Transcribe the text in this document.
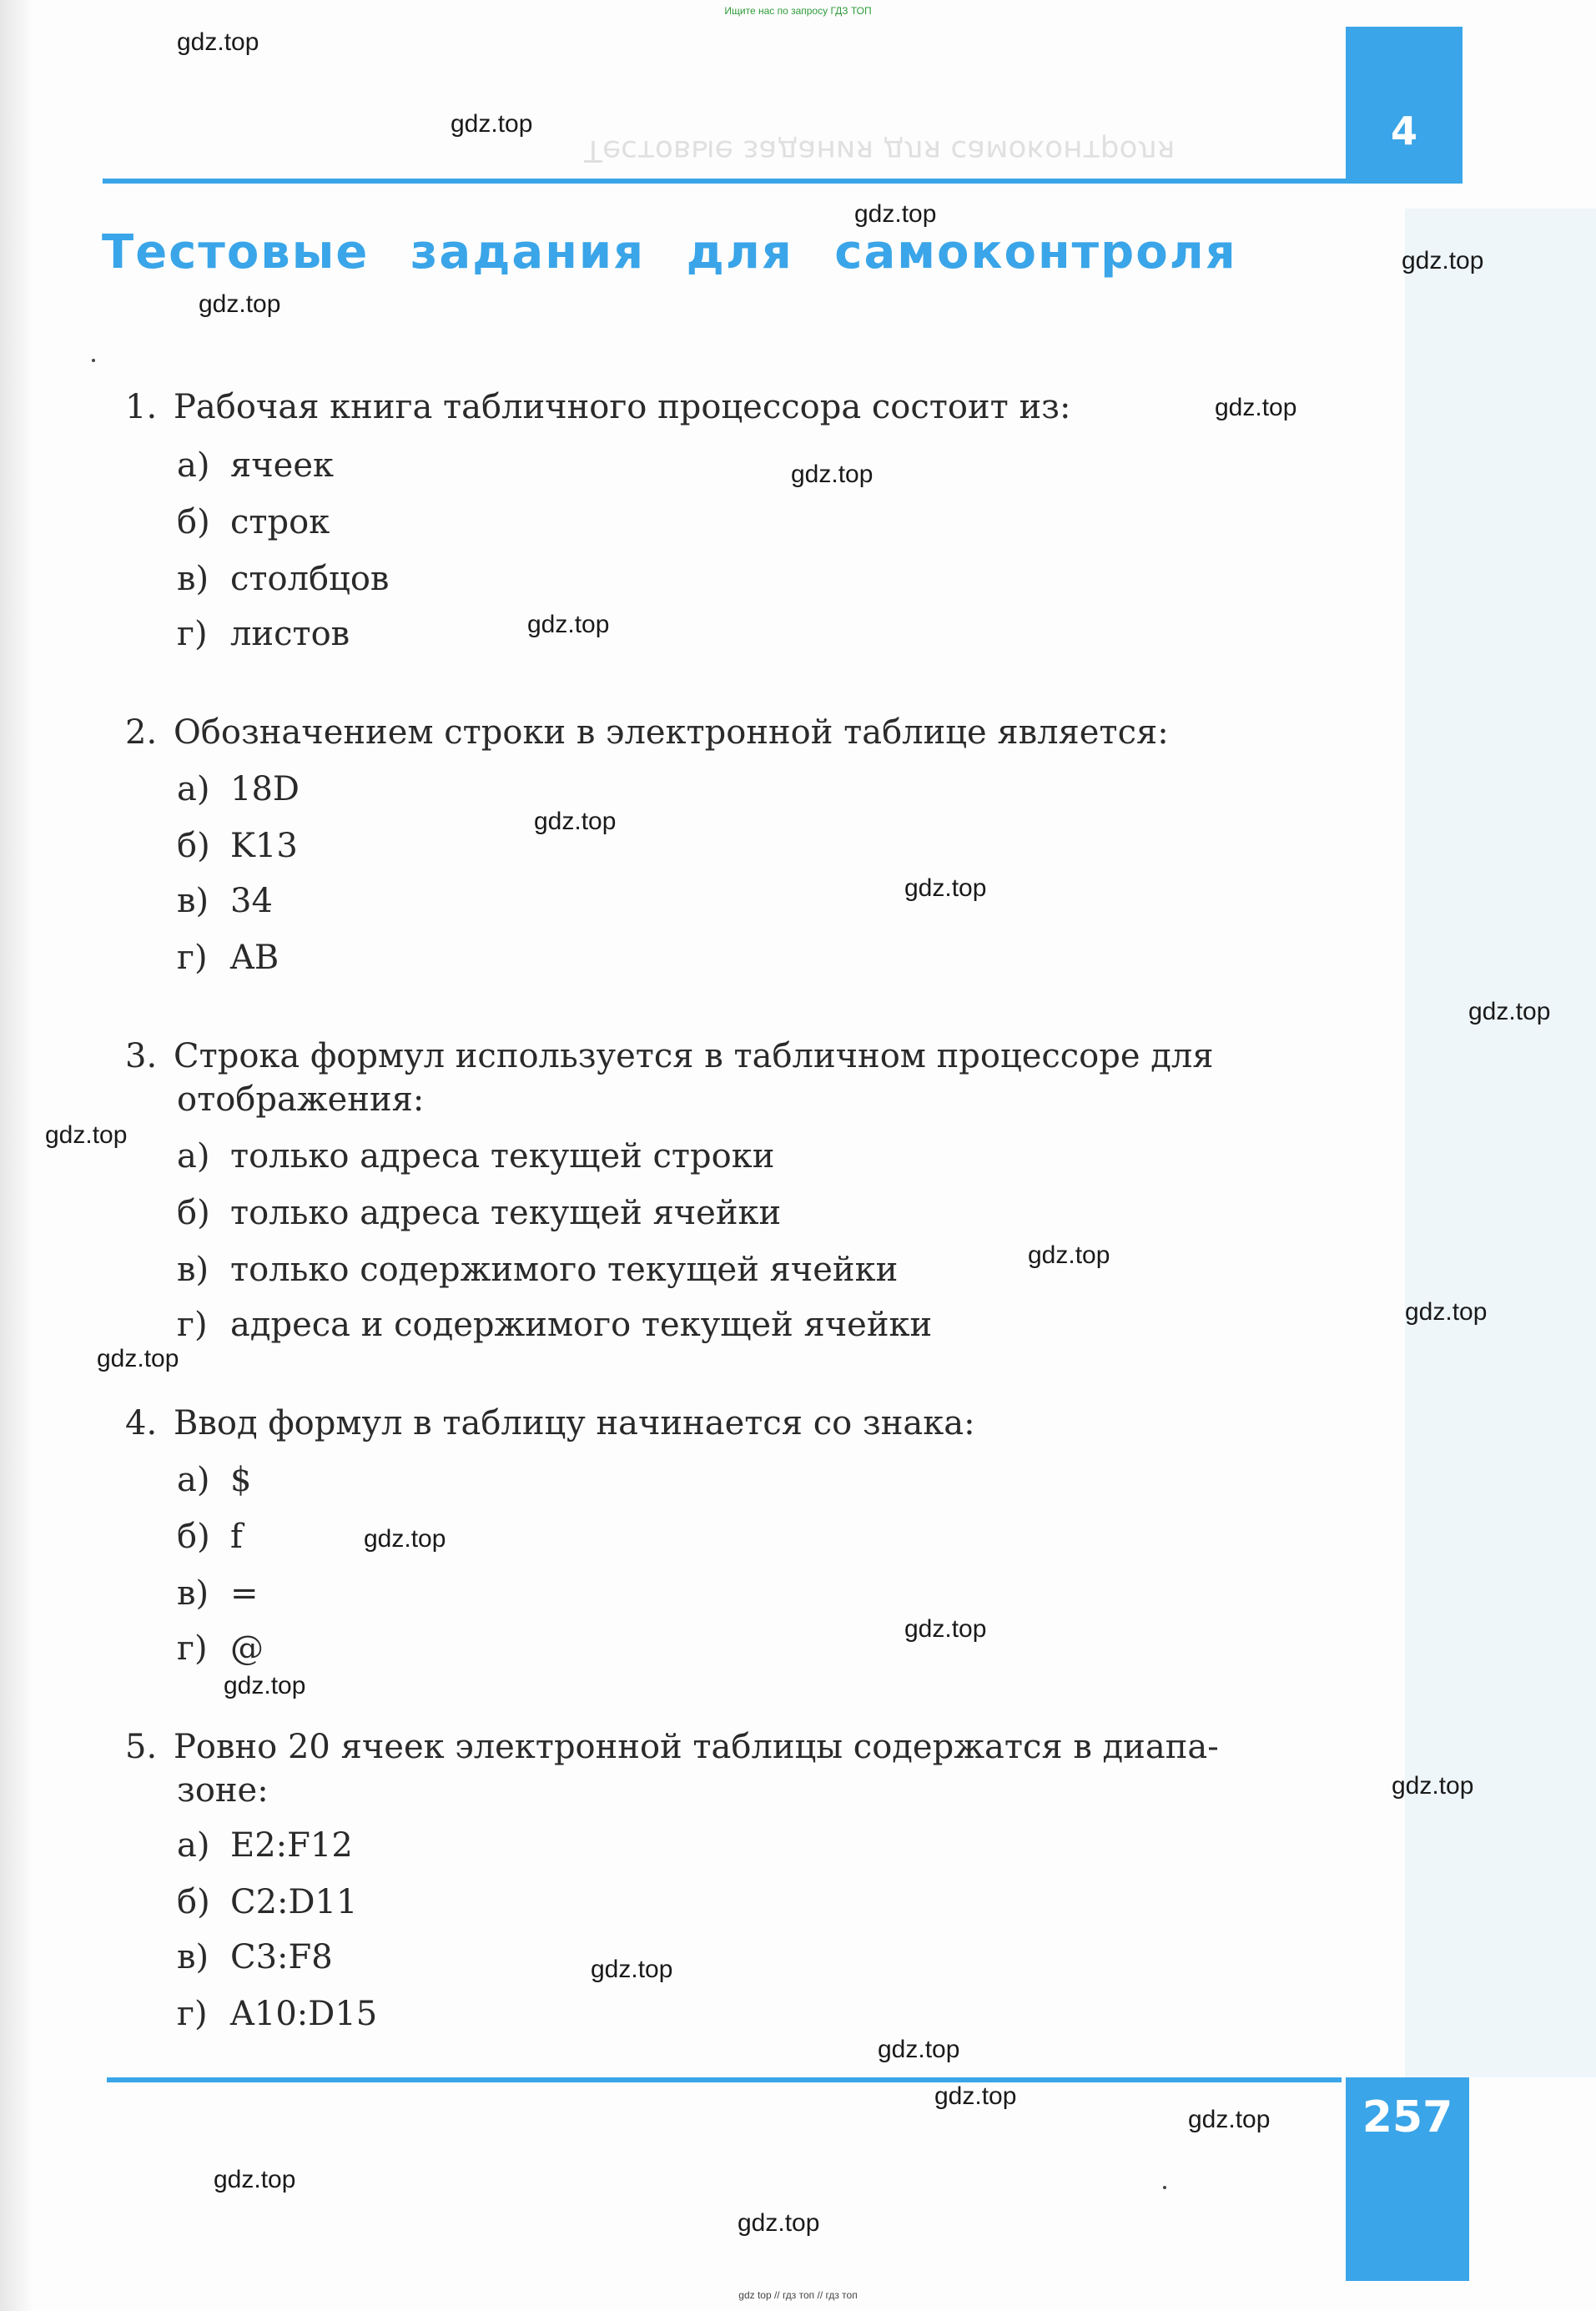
Ищите нас по запросу ГДЗ ТОП
Тестовые задания для самоконтроля	4
Тестовые задания для самоконтроля
1. Рабочая книга табличного процессора состоит из:
а) ячеек
б) строк
в) столбцов
г) листов
2. Обозначением строки в электронной таблице является:
а) 18D
б) K13
в) 34
г) AB
3. Строка формул используется в табличном процессоре для
отображения:
а) только адреса текущей строки
б) только адреса текущей ячейки
в) только содержимого текущей ячейки
г) адреса и содержимого текущей ячейки
4. Ввод формул в таблицу начинается со знака:
а) $
б) f
в) =
г) @
5. Ровно 20 ячеек электронной таблицы содержатся в диапа-
зоне:
а) E2:F12
б) C2:D11
в) C3:F8
г) A10:D15
257
gdz.top
gdz.top
gdz.top
gdz.top
gdz.top
gdz.top
gdz.top
gdz.top
gdz.top
gdz.top
gdz.top
gdz.top
gdz.top
gdz.top
gdz.top
gdz.top
gdz.top
gdz.top
gdz.top
gdz.top
gdz.top
gdz.top
gdz.top
gdz.top
gdz.top
gdz top // гдз топ // гдз топ
